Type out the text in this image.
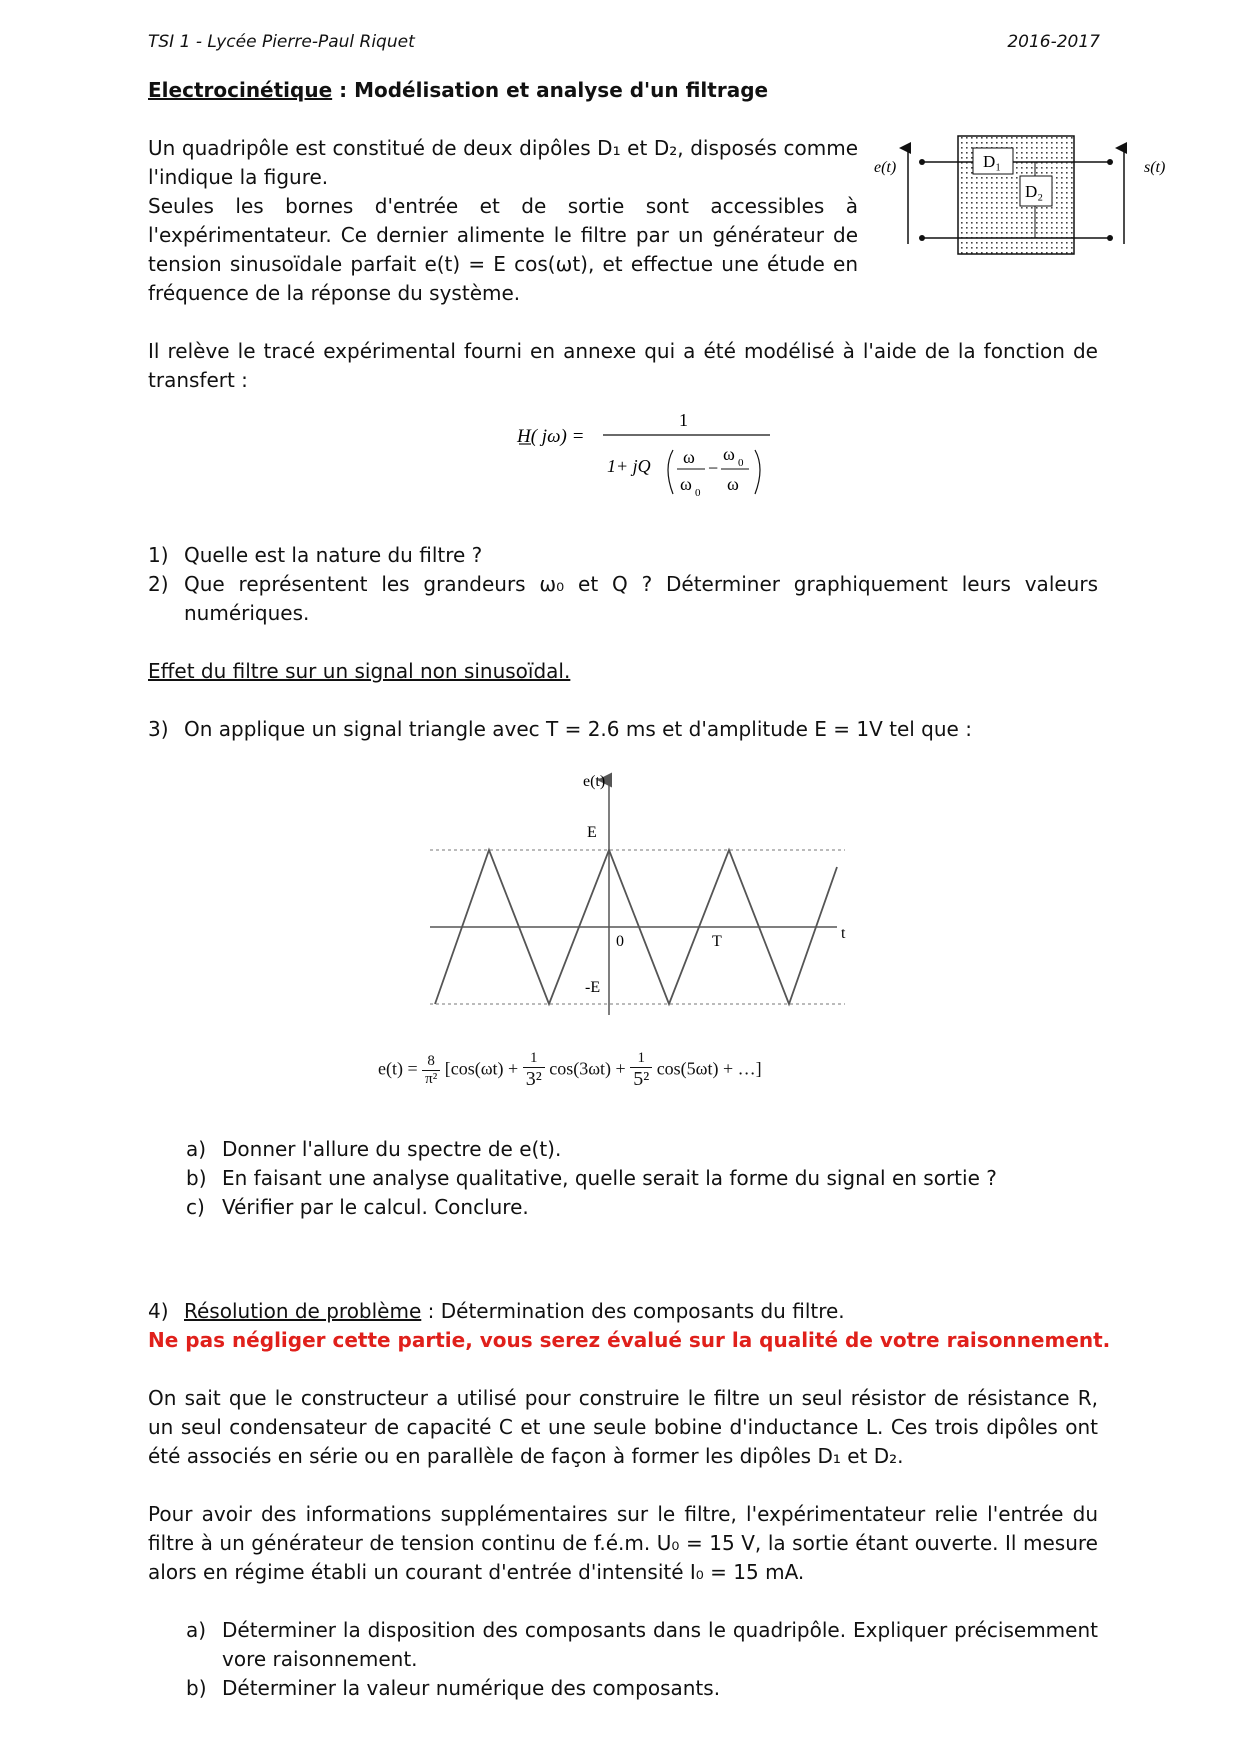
TSI 1 - Lycée Pierre-Paul Riquet	2016-2017
Electrocinétique : Modélisation et analyse d'un filtrage
Un quadripôle est constitué de deux dipôles D₁ et D₂, disposés comme l'indique la figure.
Seules les bornes d'entrée et de sortie sont accessibles à l'expérimentateur. Ce dernier alimente le filtre par un générateur de tension sinusoïdale parfait e(t) = E cos(ωt), et effectue une étude en fréquence de la réponse du système.
D₁
D₂
e(t)	s(t)
Il relève le tracé expérimental fourni en annexe qui a été modélisé à l'aide de la fonction de transfert :
H( jω) =
1
1+ jQ ω
ω 0
−
ω 0
ω
1) Quelle est la nature du filtre ?
2) Que représentent les grandeurs ω₀ et Q ? Déterminer graphiquement leurs valeurs numériques.
Effet du filtre sur un signal non sinusoïdal.
3) On applique un signal triangle avec T = 2.6 ms et d'amplitude E = 1V tel que :
e(t)
E
-E
0	T	t
$e(t) = \frac{8}{\text{π²}} [\cos(\omega t) + \frac{1}{\text{3²}} \cos(3\omega t) + \frac{1}{\text{5²}} \cos(5\omega t)$ + …]
a) Donner l'allure du spectre de e(t).
b) En faisant une analyse qualitative, quelle serait la forme du signal en sortie ?
c) Vérifier par le calcul. Conclure.
4) Résolution de problème : Détermination des composants du filtre.
Ne pas négliger cette partie, vous serez évalué sur la qualité de votre raisonnement.
On sait que le constructeur a utilisé pour construire le filtre un seul résistor de résistance R, un seul condensateur de capacité C et une seule bobine d'inductance L. Ces trois dipôles ont été associés en série ou en parallèle de façon à former les dipôles D₁ et D₂.
Pour avoir des informations supplémentaires sur le filtre, l'expérimentateur relie l'entrée du filtre à un générateur de tension continu de f.é.m. U₀ = 15 V, la sortie étant ouverte. Il mesure alors en régime établi un courant d'entrée d'intensité I₀ = 15 mA.
a) Déterminer la disposition des composants dans le quadripôle. Expliquer précisemment vore raisonnement.
b) Déterminer la valeur numérique des composants.
